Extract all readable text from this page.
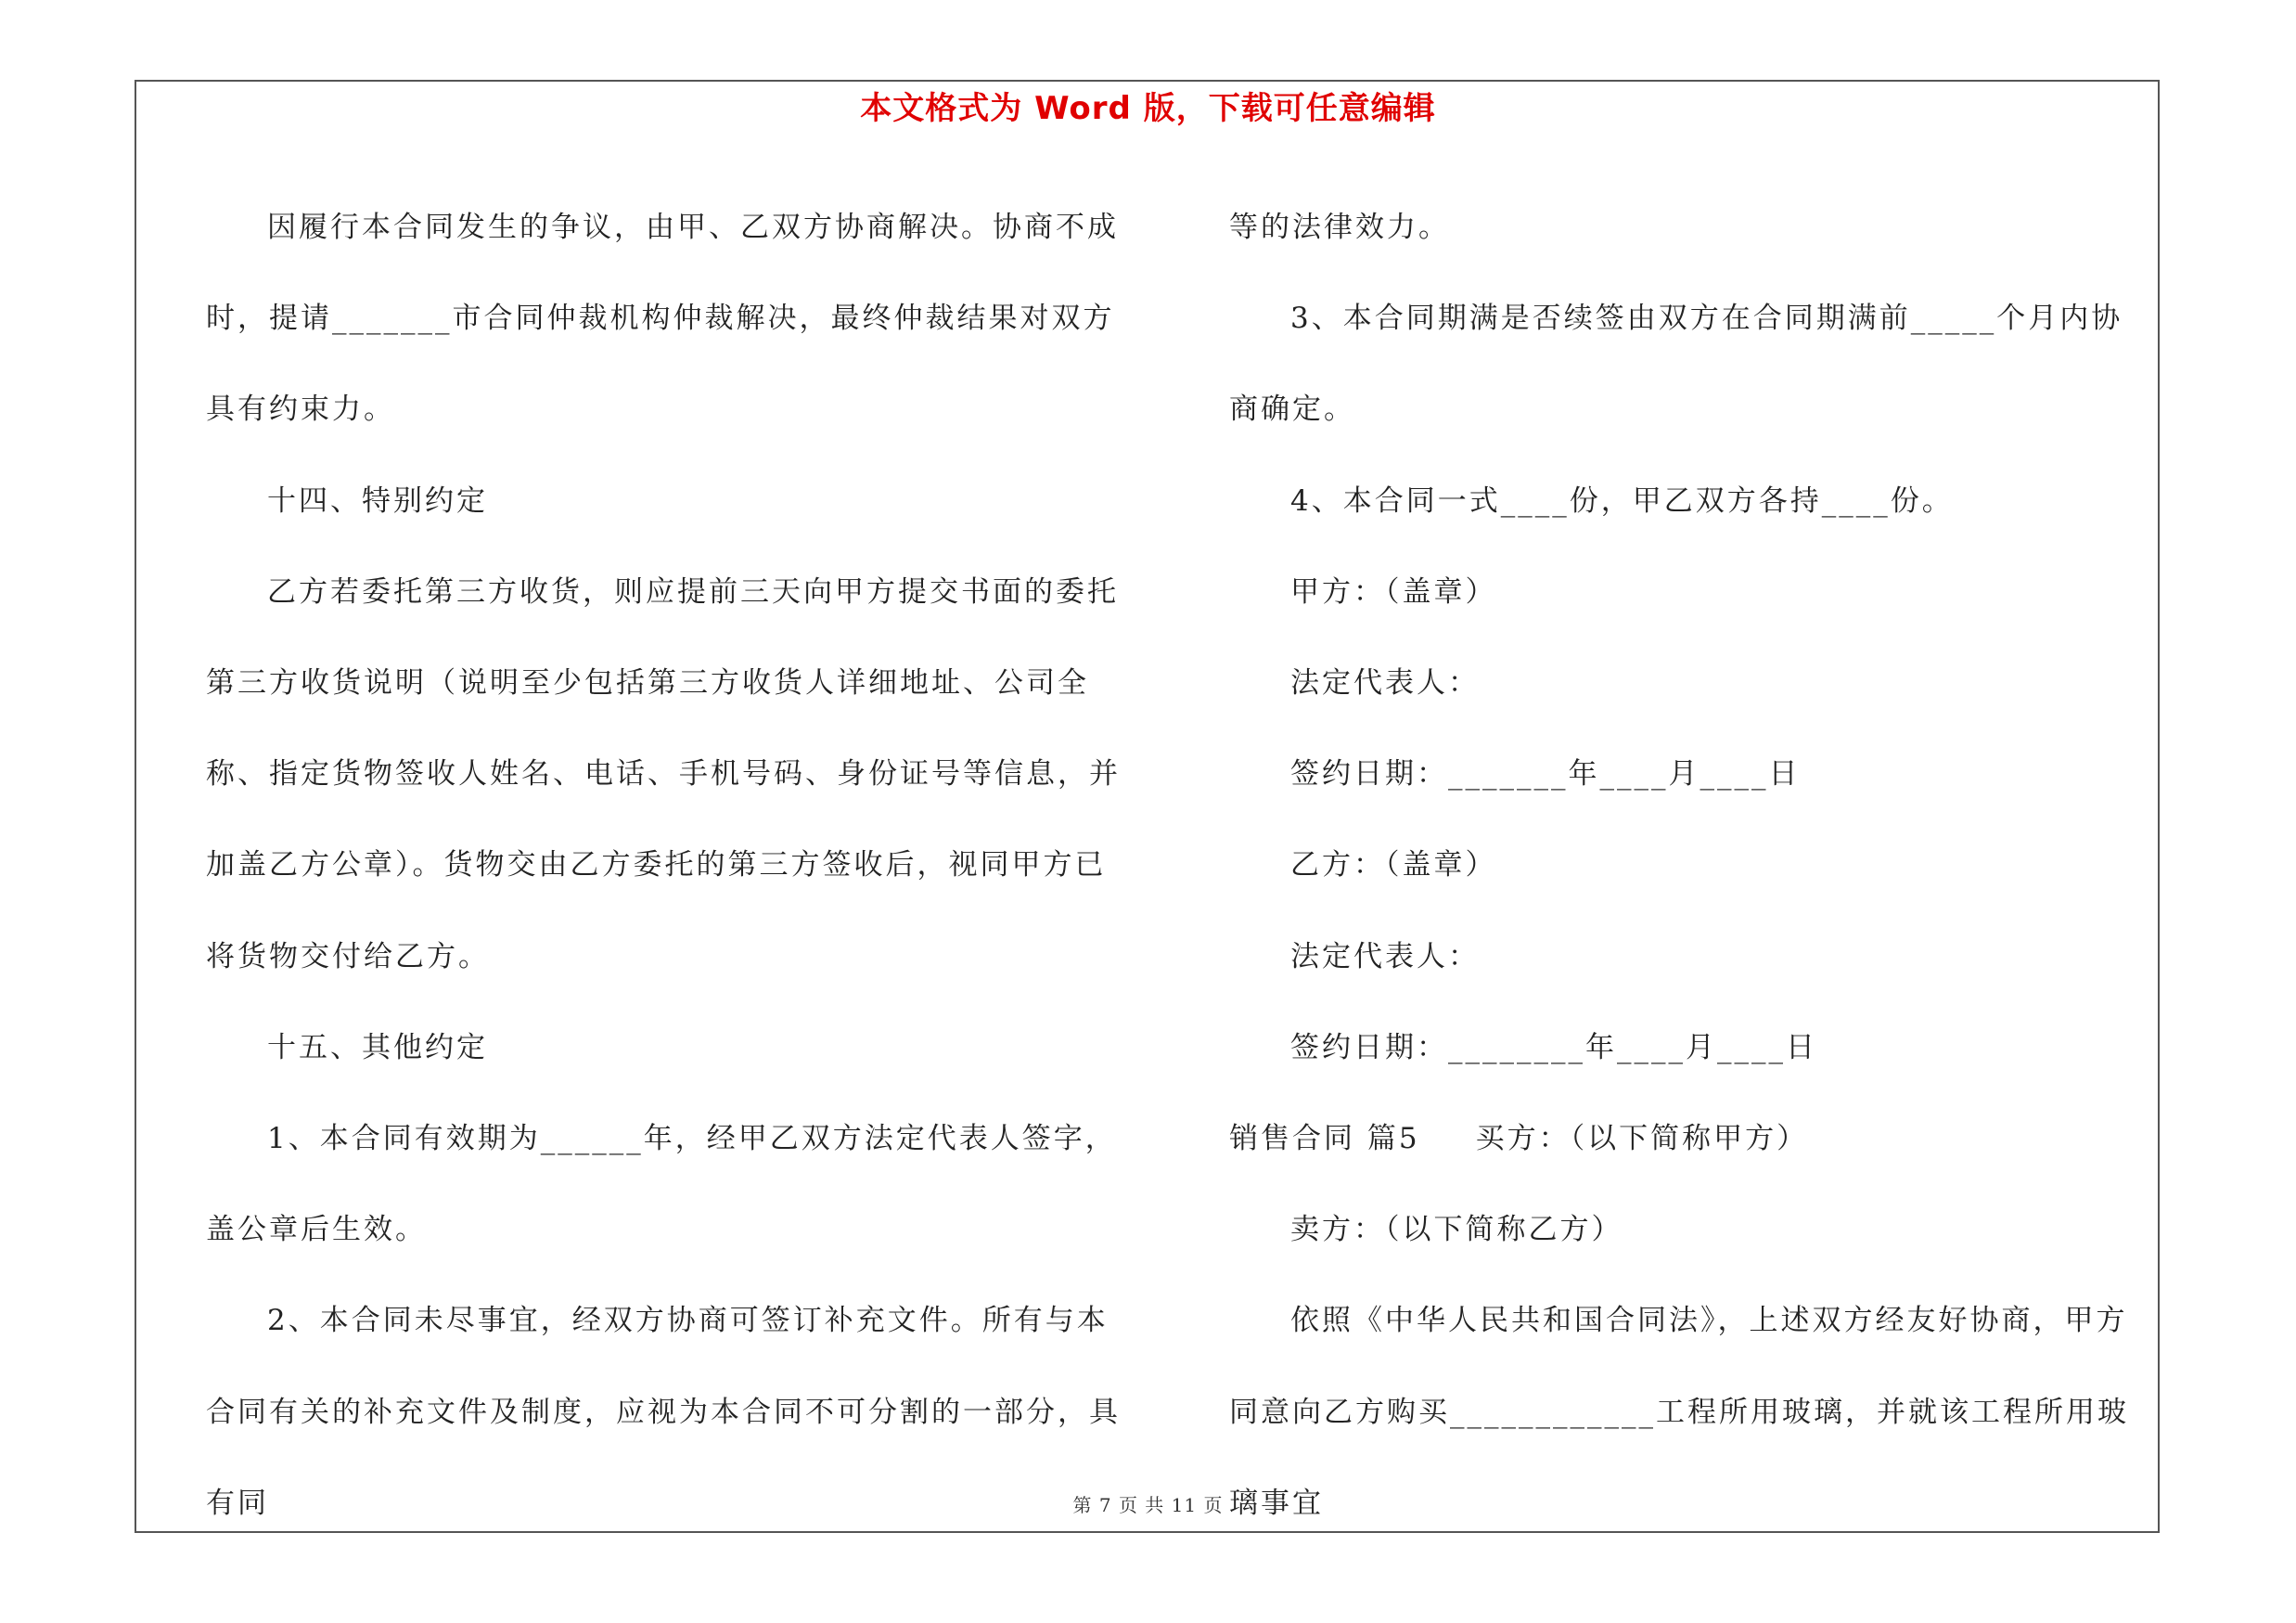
本文格式为 Word 版，下载可任意编辑
因履行本合同发生的争议，由甲、乙双方协商解决。协商不成时，提请_______市合同仲裁机构仲裁解决，最终仲裁结果对双方具有约束力。
十四、特别约定
乙方若委托第三方收货，则应提前三天向甲方提交书面的委托第三方收货说明（说明至少包括第三方收货人详细地址、公司全称、指定货物签收人姓名、电话、手机号码、身份证号等信息，并加盖乙方公章）。货物交由乙方委托的第三方签收后，视同甲方已将货物交付给乙方。
十五、其他约定
1、本合同有效期为______年，经甲乙双方法定代表人签字，盖公章后生效。
2、本合同未尽事宜，经双方协商可签订补充文件。所有与本合同有关的补充文件及制度，应视为本合同不可分割的一部分，具有同
等的法律效力。
3、本合同期满是否续签由双方在合同期满前_____个月内协商确定。
4、本合同一式____份，甲乙双方各持____份。
甲方：（盖章）
法定代表人：
签约日期：_______年____月____日
乙方：（盖章）
法定代表人：
签约日期：________年____月____日
销售合同 篇5 买方：（以下简称甲方）
卖方：（以下简称乙方）
依照《中华人民共和国合同法》，上述双方经友好协商，甲方同意向乙方购买____________工程所用玻璃，并就该工程所用玻璃事宜
第 7 页 共 11 页
